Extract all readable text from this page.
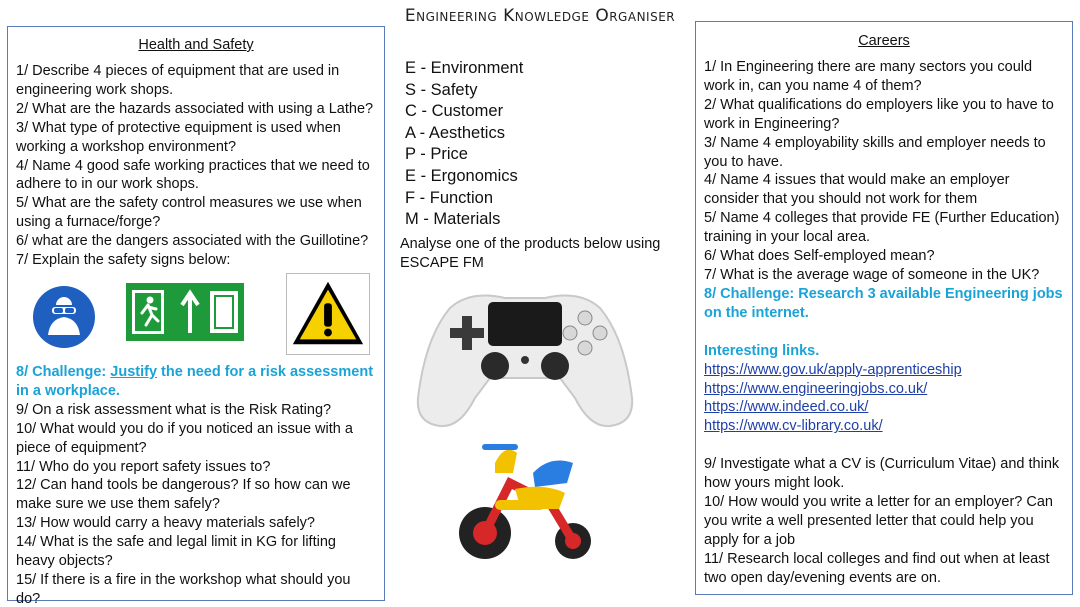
Engineering Knowledge Organiser
Health and Safety
1/ Describe 4 pieces of equipment that are used in engineering work shops.
2/ What are the hazards associated with using a Lathe?
3/ What type of protective equipment is used when working a workshop environment?
4/ Name 4 good safe working practices that we need to adhere to in our work shops.
5/ What are the safety control measures we use when using a furnace/forge?
6/ what are the dangers associated with the Guillotine?
7/ Explain the safety signs below:
8/ Challenge: Justify the need for a risk assessment in a workplace.
9/ On a risk assessment what is the Risk Rating?
10/ What would you do if you noticed an issue with a piece of equipment?
11/ Who do you report safety issues to?
12/ Can hand tools be dangerous? If so how can we make sure we use them safely?
13/ How would carry a heavy materials safely?
14/ What is the safe and legal limit in KG for lifting heavy objects?
15/ If there is a fire in the workshop what should you do?
E - Environment
S - Safety
C - Customer
A - Aesthetics
P - Price
E - Ergonomics
F - Function
M - Materials
Analyse one of the products below using ESCAPE FM
Careers
1/ In Engineering there are many sectors you could work in, can you name 4 of them?
2/ What qualifications do employers like you to have to work in Engineering?
3/ Name 4 employability skills and employer needs to you to have.
4/ Name 4 issues that would make an employer consider that you should not work for them
5/ Name 4 colleges that provide FE (Further Education) training in your local area.
6/ What does Self-employed mean?
7/ What is the average wage of someone in the UK?
8/ Challenge: Research 3 available Engineering jobs on the internet.
Interesting links.
https://www.gov.uk/apply-apprenticeship
https://www.engineeringjobs.co.uk/
https://www.indeed.co.uk/
https://www.cv-library.co.uk/
9/ Investigate what a CV is (Curriculum Vitae) and think how yours might look.
10/ How would you write a letter for an employer? Can you write a well presented letter that could help you apply for a job
11/ Research local colleges and find out when at least two open day/evening events are on.
